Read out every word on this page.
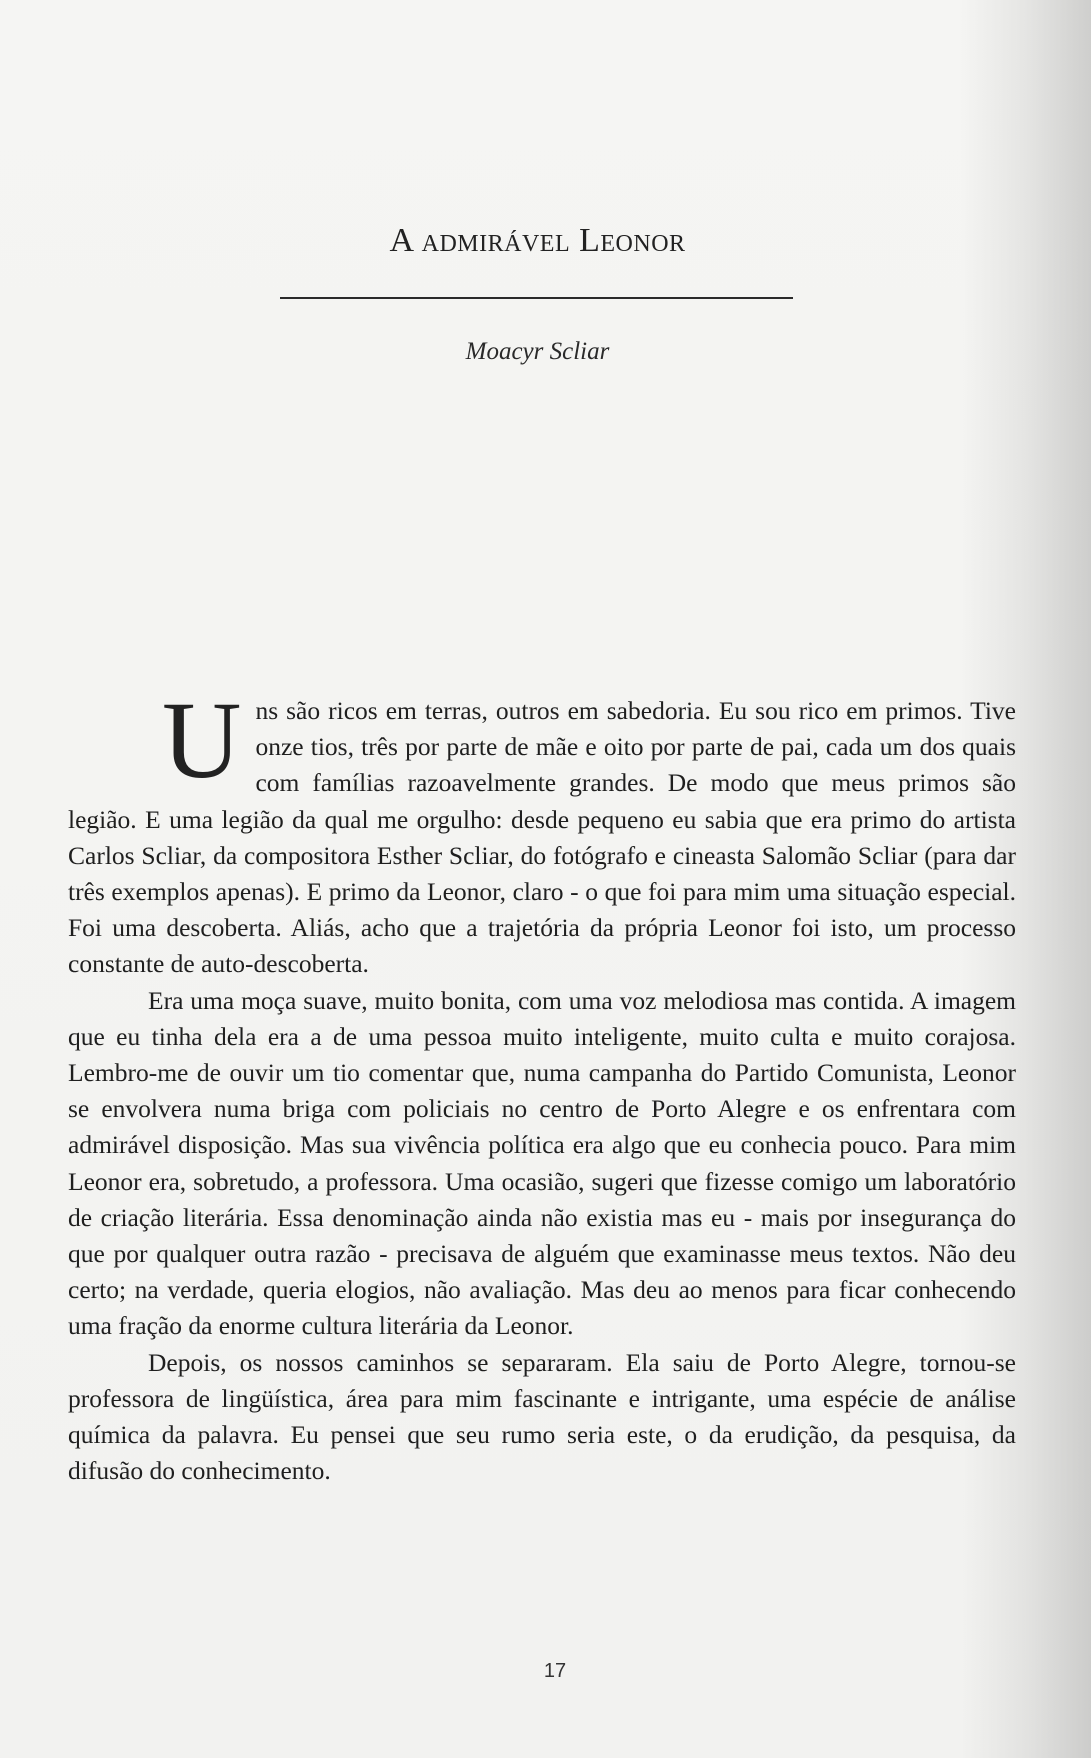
A admirável Leonor
Moacyr Scliar

Uns são ricos em terras, outros em sabedoria. Eu sou rico em primos. Tive onze tios, três por parte de mãe e oito por parte de pai, cada um dos quais com famílias razoavelmente grandes. De modo que meus primos são legião. E uma legião da qual me orgulho: desde pequeno eu sabia que era primo do artista Carlos Scliar, da compositora Esther Scliar, do fotógrafo e cineasta Salomão Scliar (para dar três exemplos apenas). E primo da Leonor, claro - o que foi para mim uma situação especial. Foi uma descoberta. Aliás, acho que a trajetória da própria Leonor foi isto, um processo constante de auto-descoberta.

Era uma moça suave, muito bonita, com uma voz melodiosa mas contida. A imagem que eu tinha dela era a de uma pessoa muito inteligente, muito culta e muito corajosa. Lembro-me de ouvir um tio comentar que, numa campanha do Partido Comunista, Leonor se envolvera numa briga com policiais no centro de Porto Alegre e os enfrentara com admirável disposição. Mas sua vivência política era algo que eu conhecia pouco. Para mim Leonor era, sobretudo, a professora. Uma ocasião, sugeri que fizesse comigo um laboratório de criação literária. Essa denominação ainda não existia mas eu - mais por insegurança do que por qualquer outra razão - precisava de alguém que examinasse meus textos. Não deu certo; na verdade, queria elogios, não avaliação. Mas deu ao menos para ficar conhecendo uma fração da enorme cultura literária da Leonor.

Depois, os nossos caminhos se separaram. Ela saiu de Porto Alegre, tornou-se professora de lingüística, área para mim fascinante e intrigante, uma espécie de análise química da palavra. Eu pensei que seu rumo seria este, o da erudição, da pesquisa, da difusão do conhecimento.

17
